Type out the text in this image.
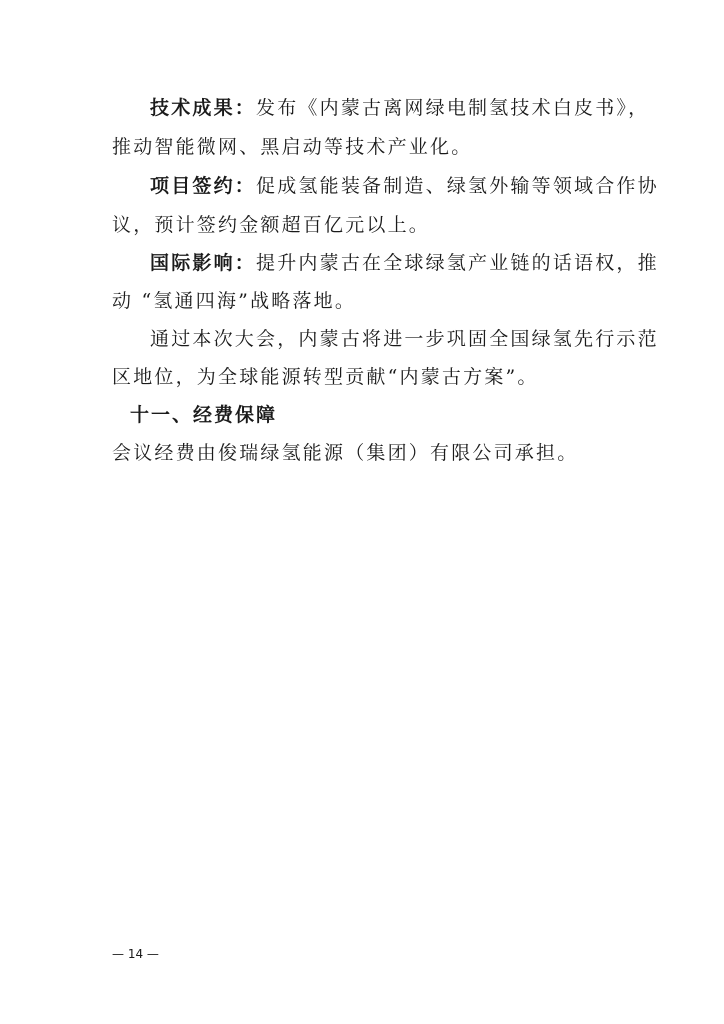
技术成果：发布《内蒙古离网绿电制氢技术白皮书》，
推动智能微网、黑启动等技术产业化。
项目签约：促成氢能装备制造、绿氢外输等领域合作协
议，预计签约金额超百亿元以上。
国际影响：提升内蒙古在全球绿氢产业链的话语权，推
动 “氢通四海”战略落地。
通过本次大会，内蒙古将进一步巩固全国绿氢先行示范
区地位，为全球能源转型贡献“内蒙古方案”。
十一、经费保障
会议经费由俊瑞绿氢能源（集团）有限公司承担。
— 14 —
